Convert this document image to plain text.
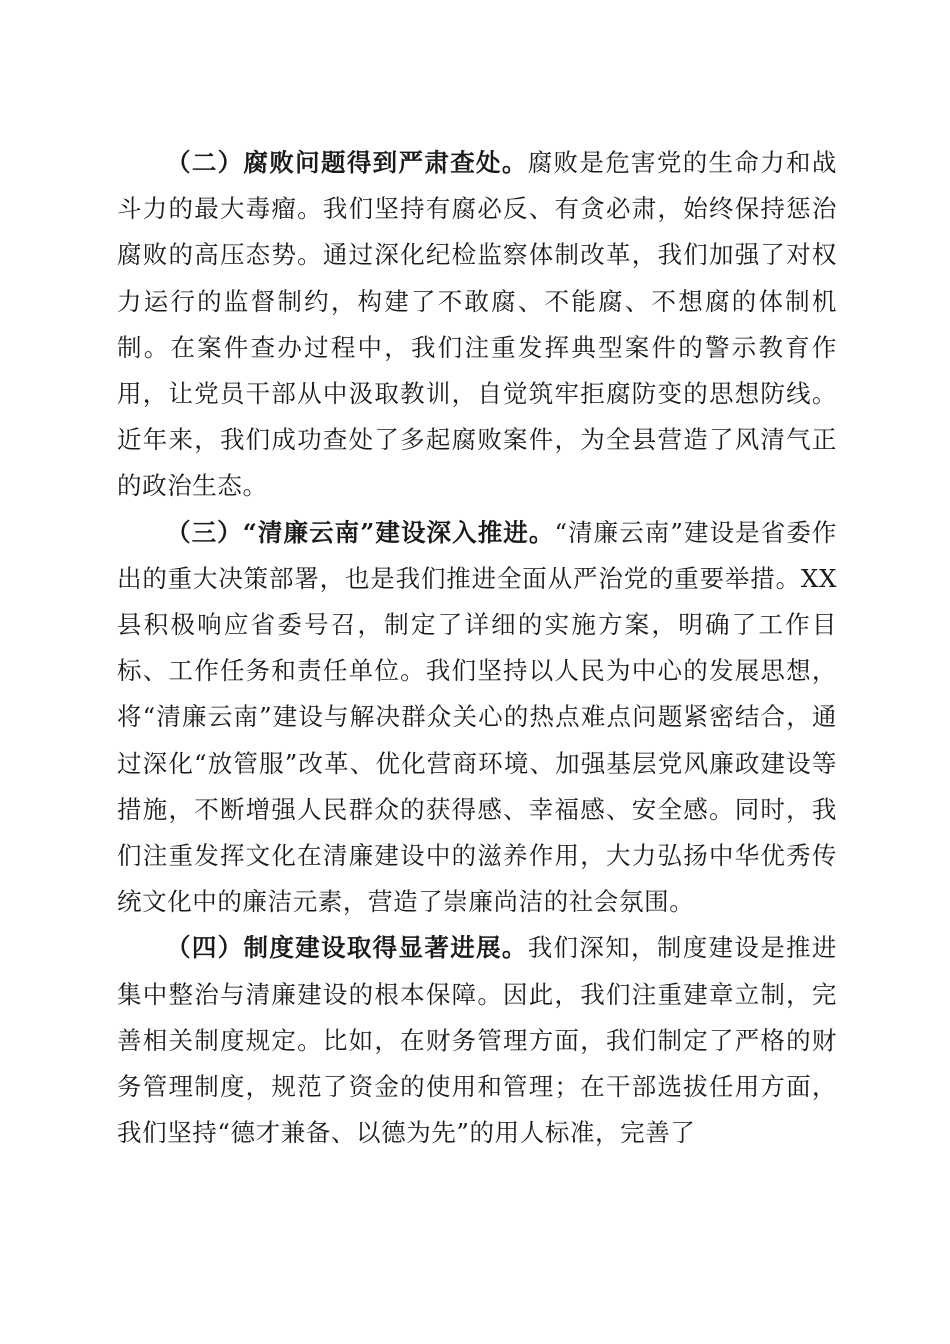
（二）腐败问题得到严肃查处。腐败是危害党的生命力和战斗力的最大毒瘤。我们坚持有腐必反、有贪必肃，始终保持惩治腐败的高压态势。通过深化纪检监察体制改革，我们加强了对权力运行的监督制约，构建了不敢腐、不能腐、不想腐的体制机制。在案件查办过程中，我们注重发挥典型案件的警示教育作用，让党员干部从中汲取教训，自觉筑牢拒腐防变的思想防线。近年来，我们成功查处了多起腐败案件，为全县营造了风清气正的政治生态。

（三）“清廉云南”建设深入推进。“清廉云南”建设是省委作出的重大决策部署，也是我们推进全面从严治党的重要举措。XX县积极响应省委号召，制定了详细的实施方案，明确了工作目标、工作任务和责任单位。我们坚持以人民为中心的发展思想，将“清廉云南”建设与解决群众关心的热点难点问题紧密结合，通过深化“放管服”改革、优化营商环境、加强基层党风廉政建设等措施，不断增强人民群众的获得感、幸福感、安全感。同时，我们注重发挥文化在清廉建设中的滋养作用，大力弘扬中华优秀传统文化中的廉洁元素，营造了崇廉尚洁的社会氛围。

（四）制度建设取得显著进展。我们深知，制度建设是推进集中整治与清廉建设的根本保障。因此，我们注重建章立制，完善相关制度规定。比如，在财务管理方面，我们制定了严格的财务管理制度，规范了资金的使用和管理；在干部选拔任用方面，我们坚持“德才兼备、以德为先”的用人标准，完善了
